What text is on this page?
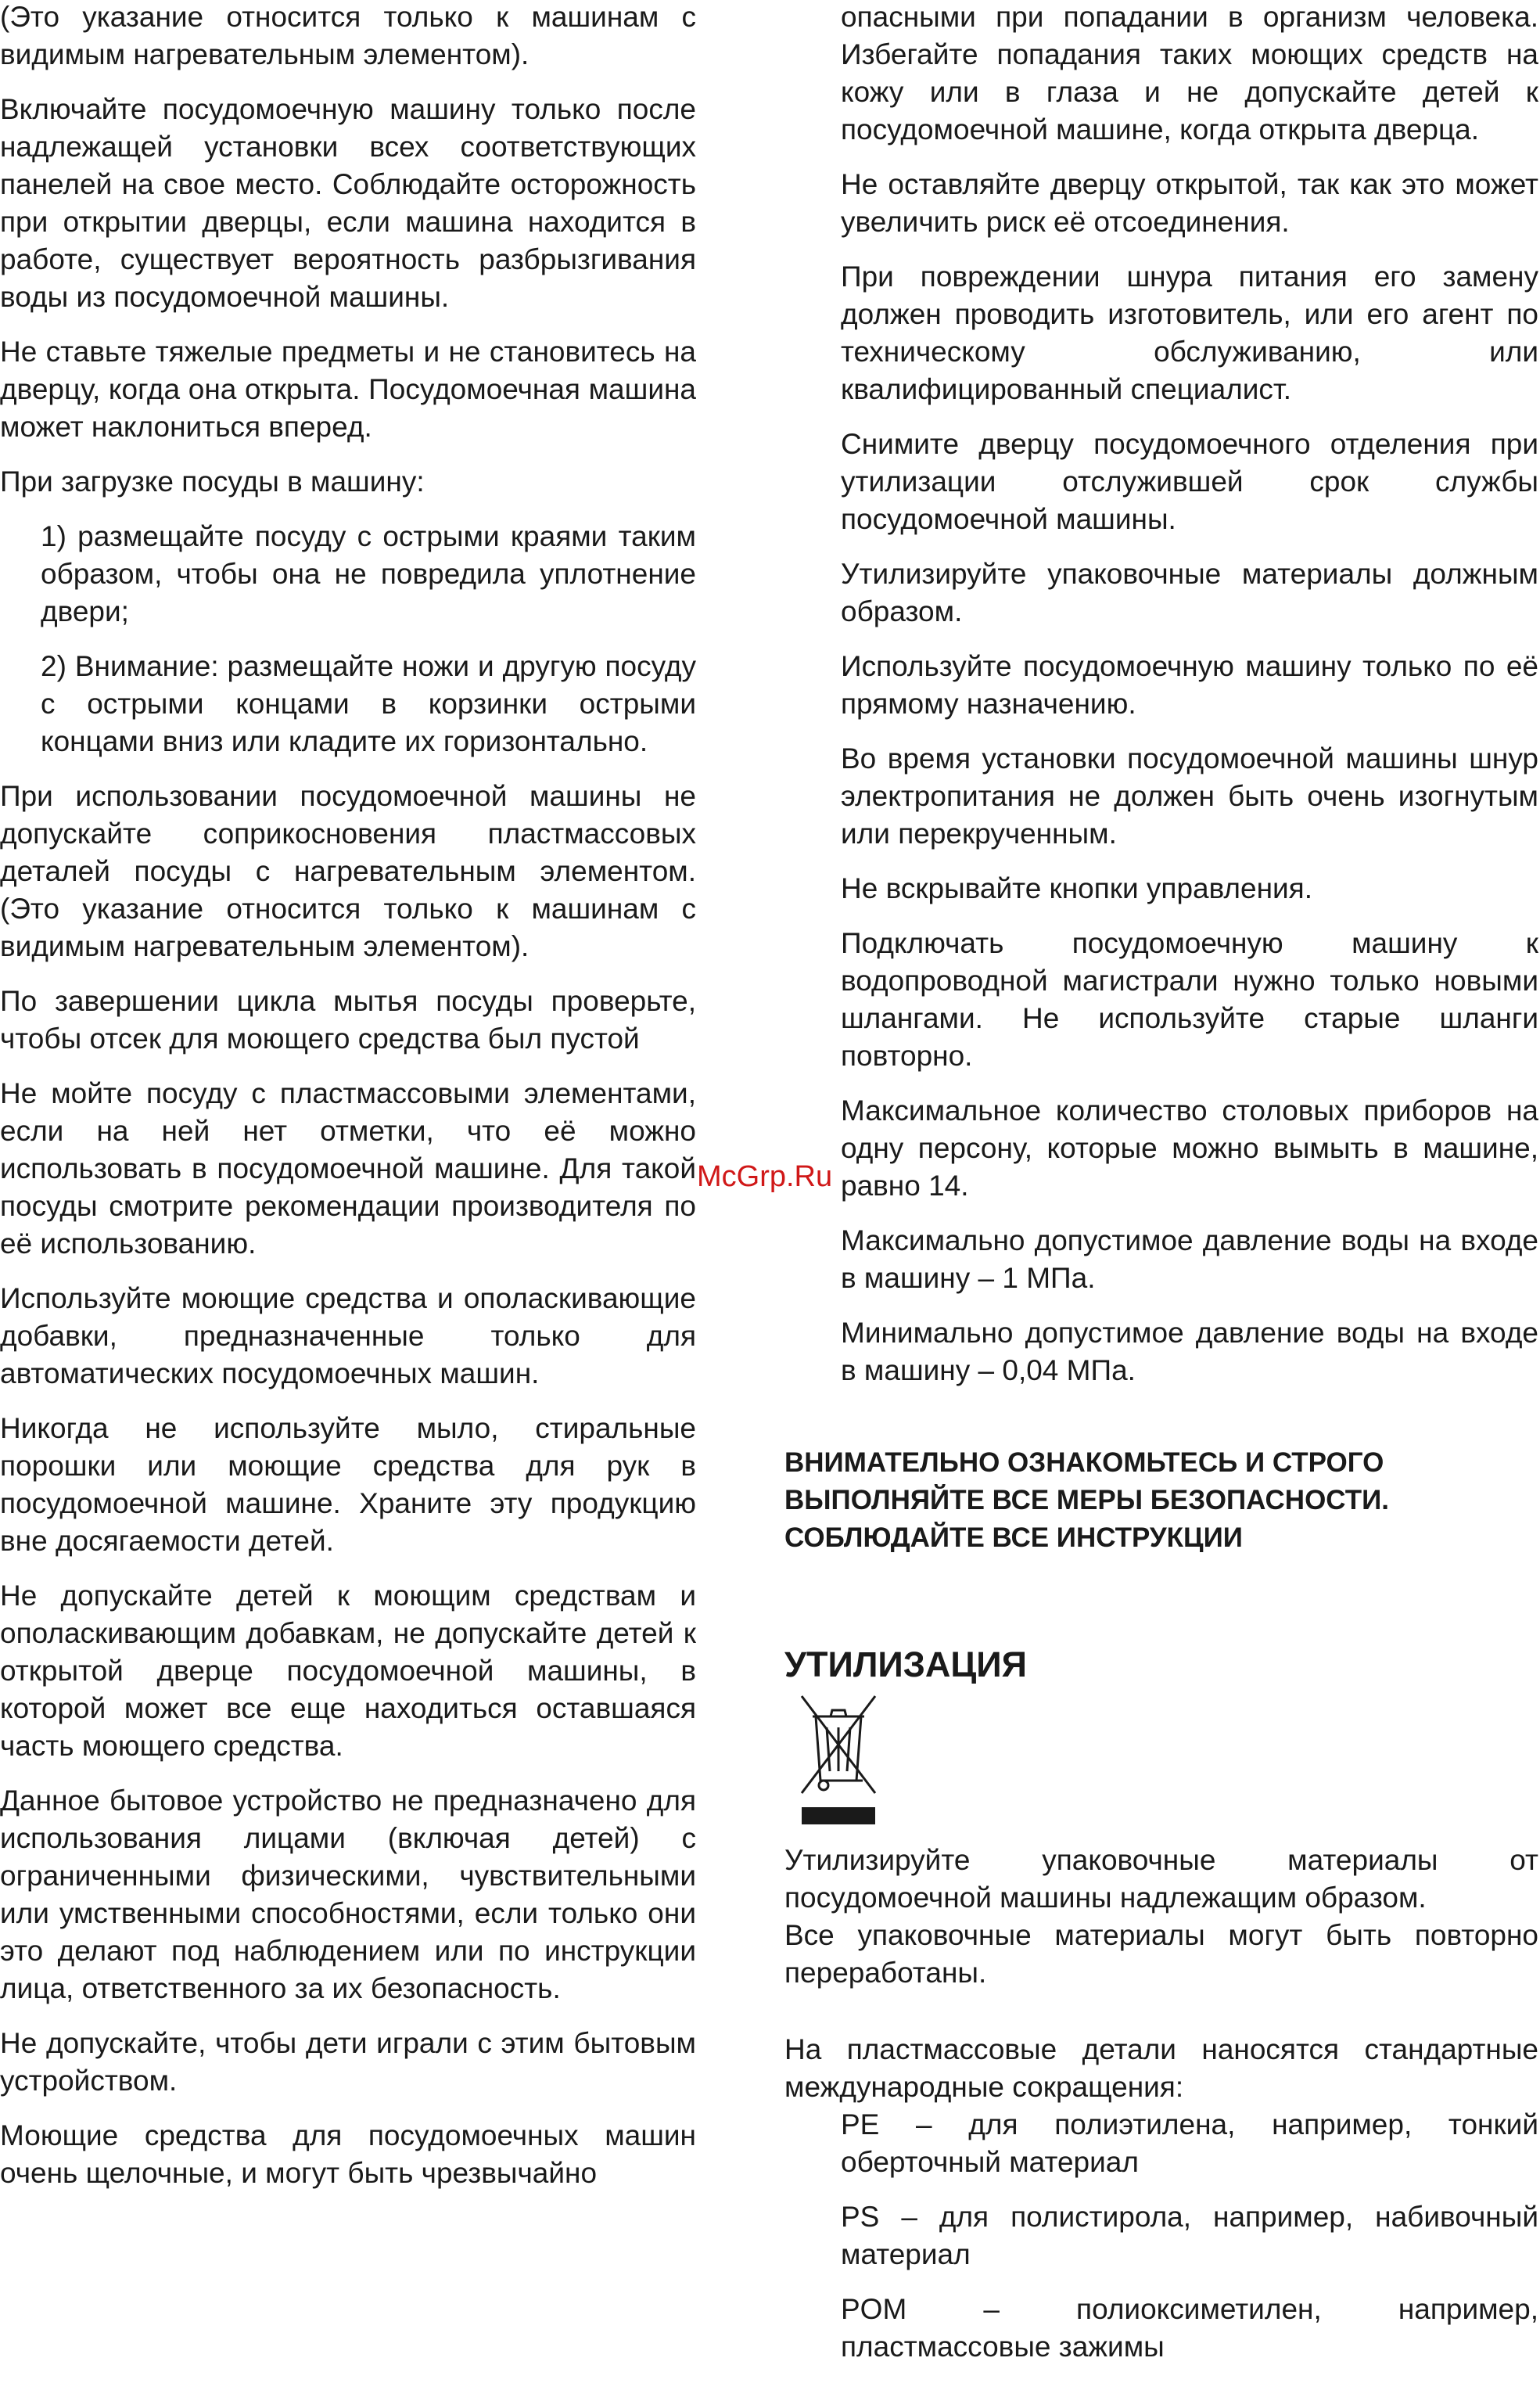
(Это указание относится только к машинам с видимым нагревательным элементом).

Включайте посудомоечную машину только после надлежащей установки всех соответствующих панелей на свое место. Соблюдайте осторожность при открытии дверцы, если машина находится в работе, существует вероятность разбрызгивания воды из посудомоечной машины.

Не ставьте тяжелые предметы и не становитесь на дверцу, когда она открыта. Посудомоечная машина может наклониться вперед.

При загрузке посуды в машину:

1) размещайте посуду с острыми краями таким образом, чтобы она не повредила уплотнение двери;

2) Внимание: размещайте ножи и другую посуду с острыми концами в корзинки острыми концами вниз или кладите их горизонтально.

При использовании посудомоечной машины не допускайте соприкосновения пластмассовых деталей посуды с нагревательным элементом. (Это указание относится только к машинам с видимым нагревательным элементом).

По завершении цикла мытья посуды проверьте, чтобы отсек для моющего средства был пустой

Не мойте посуду с пластмассовыми элементами, если на ней нет отметки, что её можно использовать в посудомоечной машине. Для такой посуды смотрите рекомендации производителя по её использованию.

Используйте моющие средства и ополаскивающие добавки, предназначенные только для автоматических посудомоечных машин.

Никогда не используйте мыло, стиральные порошки или моющие средства для рук в посудомоечной машине. Храните эту продукцию вне досягаемости детей.

Не допускайте детей к моющим средствам и ополаскивающим добавкам, не допускайте детей к открытой дверце посудомоечной машины, в которой может все еще находиться оставшаяся часть моющего средства.

Данное бытовое устройство не предназначено для использования лицами (включая детей) с ограниченными физическими, чувствительными или умственными способностями, если только они это делают под наблюдением или по инструкции лица, ответственного за их безопасность.

Не допускайте, чтобы дети играли с этим бытовым устройством.

Моющие средства для посудомоечных машин очень щелочные, и могут быть чрезвычайно

опасными при попадании в организм человека. Избегайте попадания таких моющих средств на кожу или в глаза и не допускайте детей к посудомоечной машине, когда открыта дверца.

Не оставляйте дверцу открытой, так как это может увеличить риск её отсоединения.

При повреждении шнура питания его замену должен проводить изготовитель, или его агент по техническому обслуживанию, или квалифицированный специалист.

Снимите дверцу посудомоечного отделения при утилизации отслужившей срок службы посудомоечной машины.

Утилизируйте упаковочные материалы должным образом.

Используйте посудомоечную машину только по её прямому назначению.

Во время установки посудомоечной машины шнур электропитания не должен быть очень изогнутым или перекрученным.

Не вскрывайте кнопки управления.

Подключать посудомоечную машину к водопроводной магистрали нужно только новыми шлангами. Не используйте старые шланги повторно.

Максимальное количество столовых приборов на одну персону, которые можно вымыть в машине, равно 14.

Максимально допустимое давление воды на входе в машину – 1 МПа.

Минимально допустимое давление воды на входе в машину – 0,04 МПа.

ВНИМАТЕЛЬНО ОЗНАКОМЬТЕСЬ И СТРОГО
ВЫПОЛНЯЙТЕ ВСЕ МЕРЫ БЕЗОПАСНОСТИ.
СОБЛЮДАЙТЕ ВСЕ ИНСТРУКЦИИ
УТИЛИЗАЦИЯ

Утилизируйте упаковочные материалы от посудомоечной машины надлежащим образом.

Все упаковочные материалы могут быть повторно переработаны.

На пластмассовые детали наносятся стандартные международные сокращения:

PE – для полиэтилена, например, тонкий оберточный материал

PS – для полистирола, например, набивочный материал

POM – полиоксиметилен, например, пластмассовые зажимы

McGrp.Ru
